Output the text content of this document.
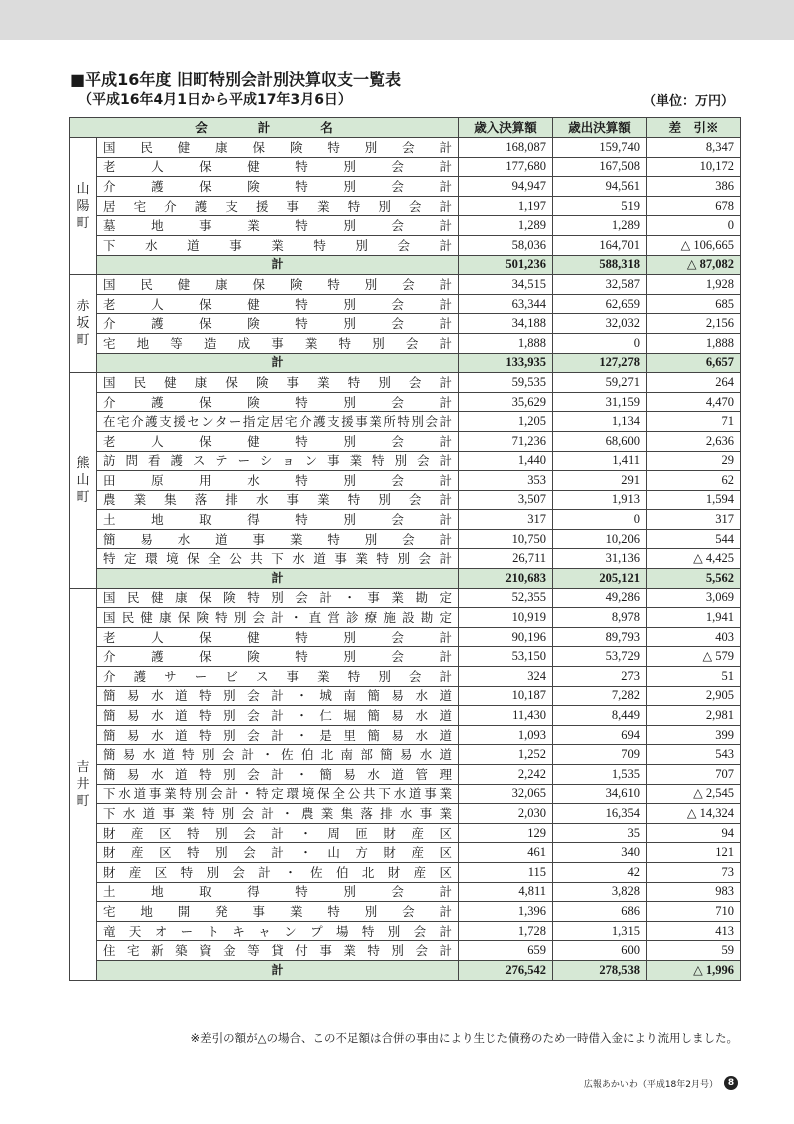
■平成16年度 旧町特別会計別決算収支一覧表
（平成16年4月1日から平成17年3月6日）	（単位：万円）
会　　　　計　　　　名		歳入決算額	歳出決算額	差　引※

山
陽
町	国民健康保険特別会計	168,087	159,740	8,347
	老人保健特別会計	177,680	167,508	10,172
	介護保険特別会計	94,947	94,561	386
	居宅介護支援事業特別会計	1,197	519	678
	墓地事業特別会計	1,289	1,289	0
	下水道事業特別会計	58,036	164,701	△ 106,665
	計	501,236	588,318	△ 87,082

赤
坂
町	国民健康保険特別会計	34,515	32,587	1,928
	老人保健特別会計	63,344	62,659	685
	介護保険特別会計	34,188	32,032	2,156
	宅地等造成事業特別会計	1,888	0	1,888
	計	133,935	127,278	6,657

熊
山
町	国民健康保険事業特別会計	59,535	59,271	264
	介護保険特別会計	35,629	31,159	4,470
	在宅介護支援センター指定居宅介護支援事業所特別会計	1,205	1,134	71
	老人保健特別会計	71,236	68,600	2,636
	訪問看護ステーション事業特別会計	1,440	1,411	29
	田原用水特別会計	353	291	62
	農業集落排水事業特別会計	3,507	1,913	1,594
	土地取得特別会計	317	0	317
	簡易水道事業特別会計	10,750	10,206	544
	特定環境保全公共下水道事業特別会計	26,711	31,136	△ 4,425
	計	210,683	205,121	5,562

吉
井
町	国民健康保険特別会計・事業勘定	52,355	49,286	3,069
	国民健康保険特別会計・直営診療施設勘定	10,919	8,978	1,941
	老人保健特別会計	90,196	89,793	403
	介護保険特別会計	53,150	53,729	△ 579
	介護サービス事業特別会計	324	273	51
	簡易水道特別会計・城南簡易水道	10,187	7,282	2,905
	簡易水道特別会計・仁堀簡易水道	11,430	8,449	2,981
	簡易水道特別会計・是里簡易水道	1,093	694	399
	簡易水道特別会計・佐伯北南部簡易水道	1,252	709	543
	簡易水道特別会計・簡易水道管理	2,242	1,535	707
	下水道事業特別会計・特定環境保全公共下水道事業	32,065	34,610	△ 2,545
	下水道事業特別会計・農業集落排水事業	2,030	16,354	△ 14,324
	財産区特別会計・周匝財産区	129	35	94
	財産区特別会計・山方財産区	461	340	121
	財産区特別会計・佐伯北財産区	115	42	73
	土地取得特別会計	4,811	3,828	983
	宅地開発事業特別会計	1,396	686	710
	竜天オートキャンプ場特別会計	1,728	1,315	413
	住宅新築資金等貸付事業特別会計	659	600	59
	計	276,542	278,538	△ 1,996
※差引の額が△の場合、この不足額は合併の事由により生じた債務のため一時借入金により流用しました。
広報あかいわ（平成18年2月号）	8
